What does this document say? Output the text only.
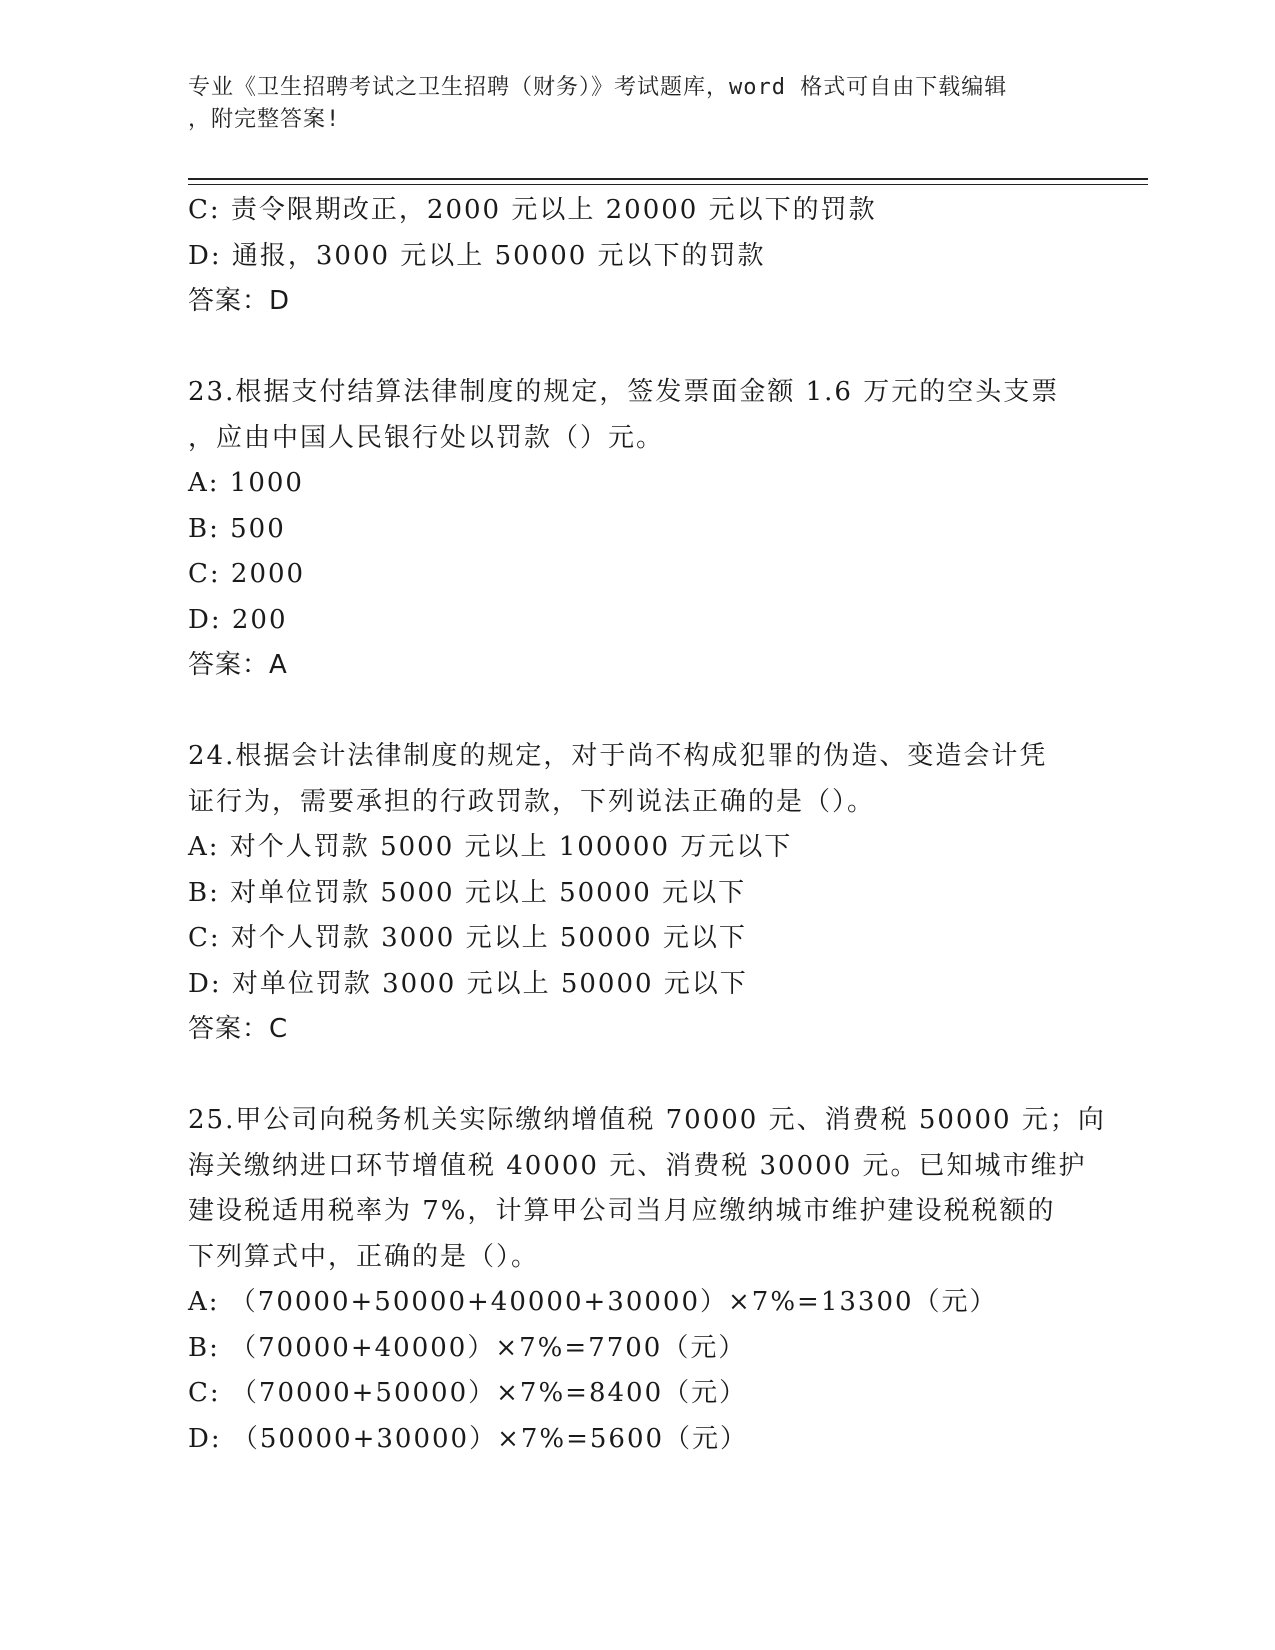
专业《卫生招聘考试之卫生招聘（财务）》考试题库，word 格式可自由下载编辑
，附完整答案!
C: 责令限期改正，2000 元以上 20000 元以下的罚款
D: 通报，3000 元以上 50000 元以下的罚款
答案：D
23.根据支付结算法律制度的规定，签发票面金额 1.6 万元的空头支票
，应由中国人民银行处以罚款（）元。
A: 1000
B: 500
C: 2000
D: 200
答案：A
24.根据会计法律制度的规定，对于尚不构成犯罪的伪造、变造会计凭
证行为，需要承担的行政罚款，下列说法正确的是（）。
A: 对个人罚款 5000 元以上 100000 万元以下
B: 对单位罚款 5000 元以上 50000 元以下
C: 对个人罚款 3000 元以上 50000 元以下
D: 对单位罚款 3000 元以上 50000 元以下
答案：C
25.甲公司向税务机关实际缴纳增值税 70000 元、消费税 50000 元；向
海关缴纳进口环节增值税 40000 元、消费税 30000 元。已知城市维护
建设税适用税率为 7%，计算甲公司当月应缴纳城市维护建设税税额的
下列算式中，正确的是（）。
A: （70000+50000+40000+30000）×7%=13300（元）
B: （70000+40000）×7%=7700（元）
C: （70000+50000）×7%=8400（元）
D: （50000+30000）×7%=5600（元）
